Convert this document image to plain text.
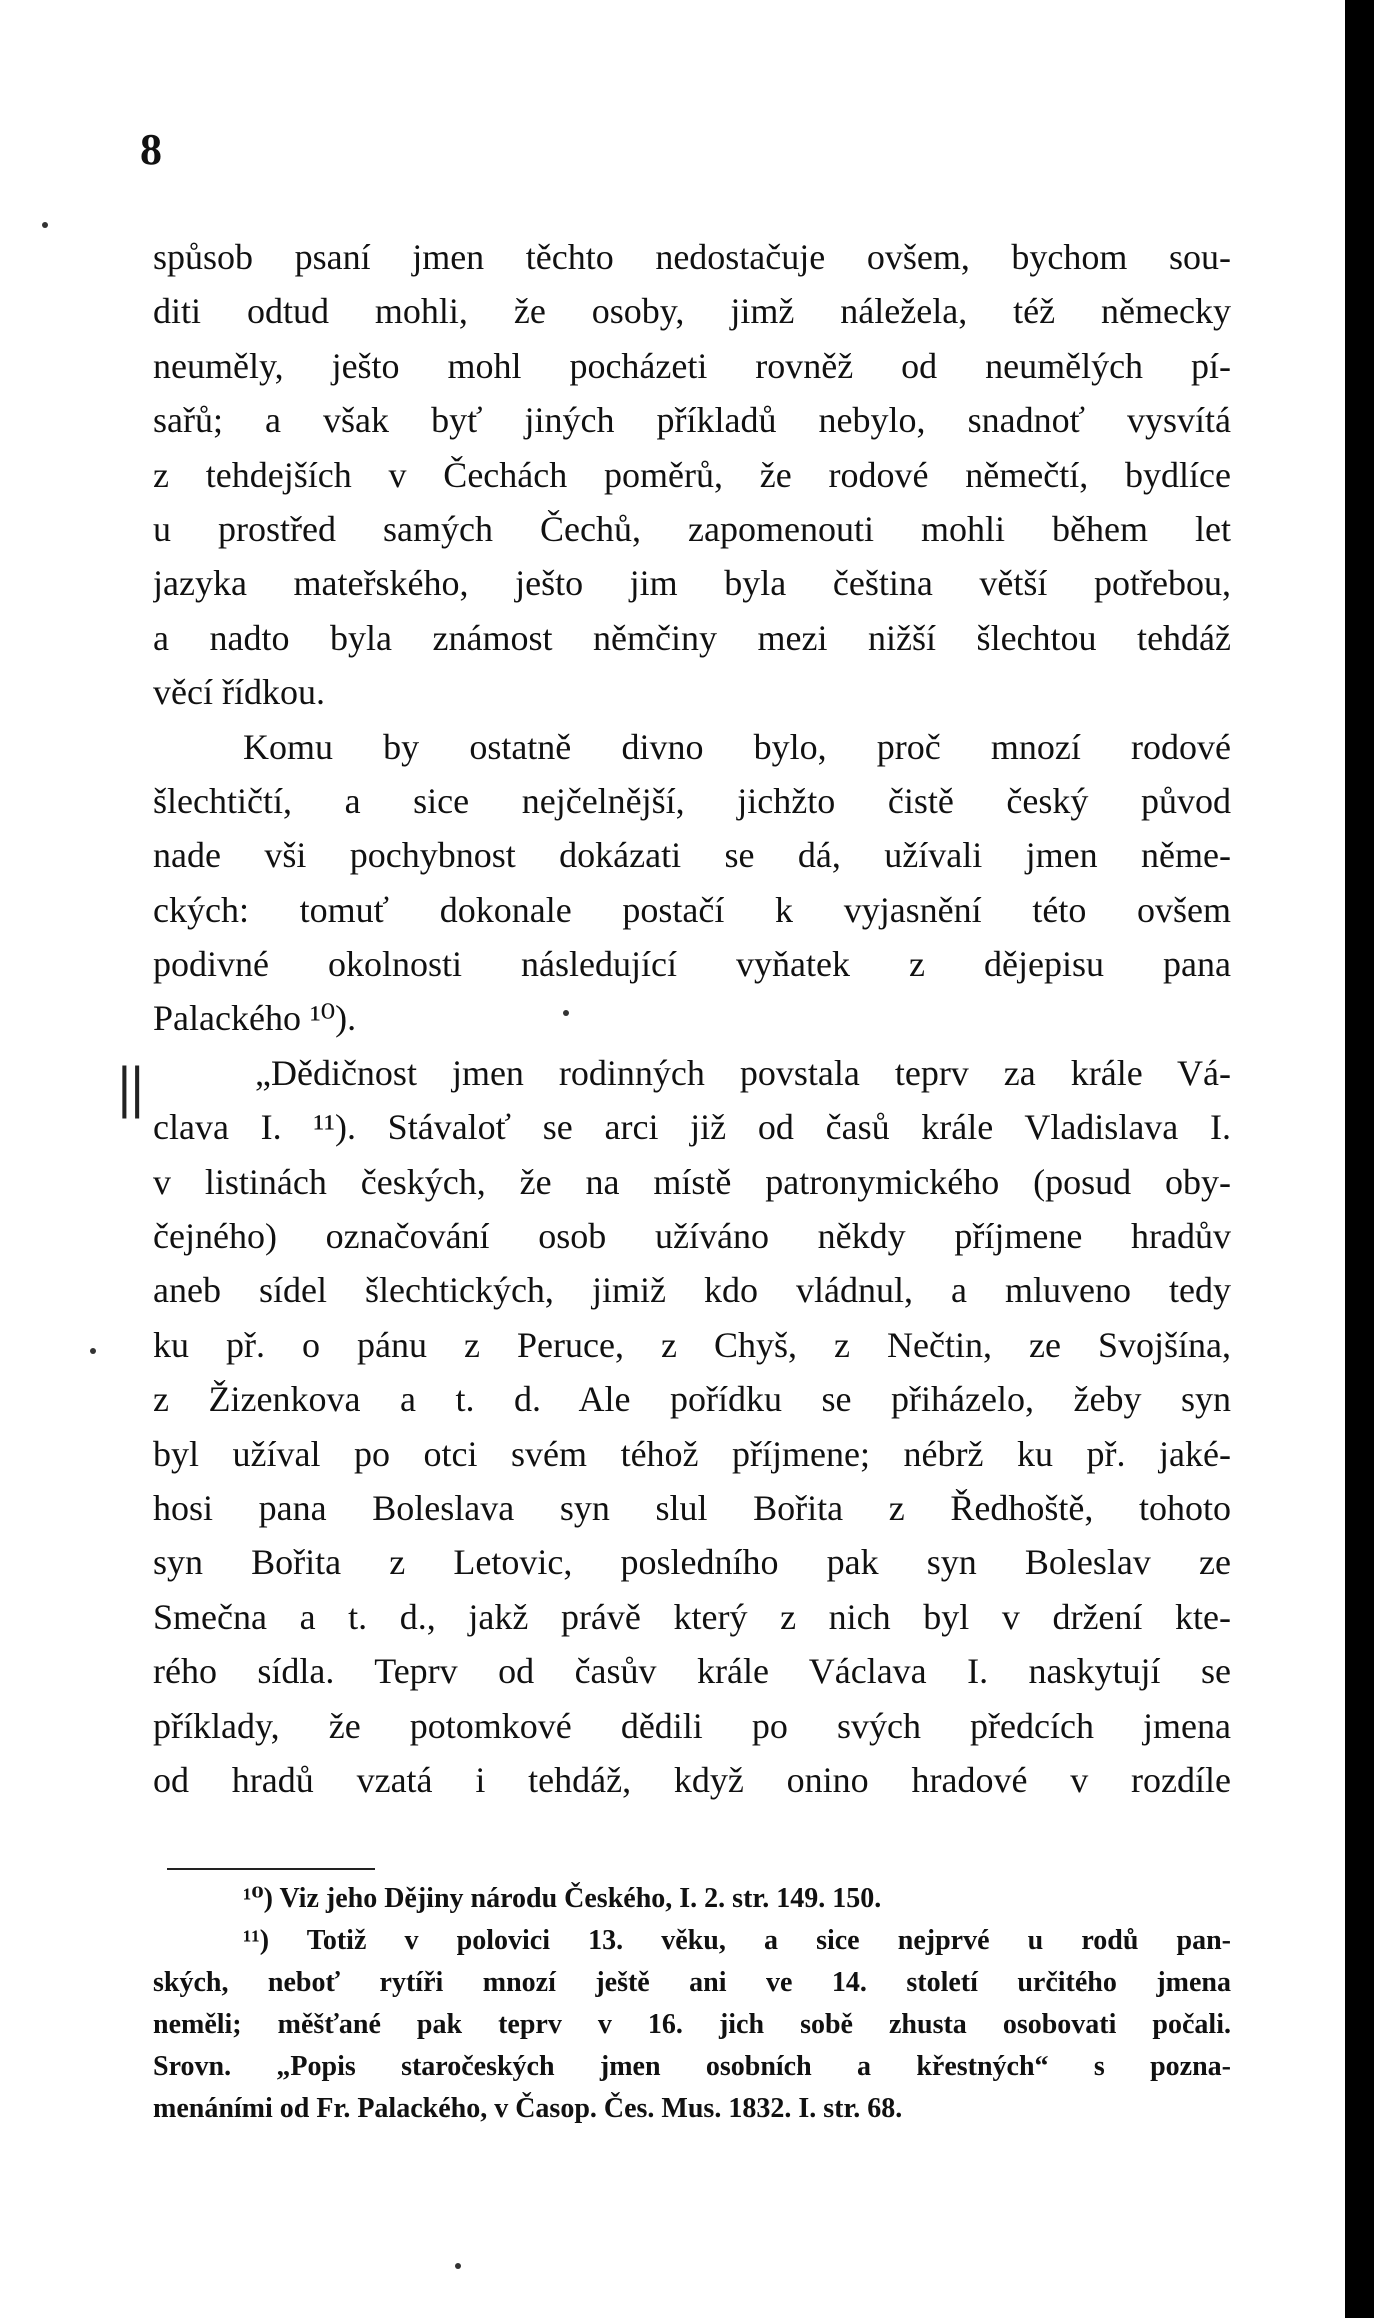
8
||
spůsob psaní jmen těchto nedostačuje ovšem, bychom sou-
diti odtud mohli, že osoby, jimž náležela, též německy
neuměly, ješto mohl pocházeti rovněž od neumělých pí-
sařů; a však byť jiných příkladů nebylo, snadnoť vysvítá
z tehdejších v Čechách poměrů, že rodové němečtí, bydlíce
u prostřed samých Čechů, zapomenouti mohli během let
jazyka mateřského, ješto jim byla čeština větší potřebou,
a nadto byla známost němčiny mezi nižší šlechtou tehdáž
věcí řídkou.
Komu by ostatně divno bylo, proč mnozí rodové
šlechtičtí, a sice nejčelnější, jichžto čistě český původ
nade vši pochybnost dokázati se dá, užívali jmen něme-
ckých: tomuť dokonale postačí k vyjasnění této ovšem
podivné okolnosti následující vyňatek z dějepisu pana
Palackého ¹⁰).
„Dědičnost jmen rodinných povstala teprv za krále Vá-
clava I. ¹¹). Stávaloť se arci již od časů krále Vladislava I.
v listinách českých, že na místě patronymického (posud oby-
čejného) označování osob užíváno někdy příjmene hradův
aneb sídel šlechtických, jimiž kdo vládnul, a mluveno tedy
ku př. o pánu z Peruce, z Chyš, z Nečtin, ze Svojšína,
z Žizenkova a t. d. Ale pořídku se přiházelo, žeby syn
byl užíval po otci svém téhož příjmene; nébrž ku př. jaké-
hosi pana Boleslava syn slul Bořita z Ředhoště, tohoto
syn Bořita z Letovic, posledního pak syn Boleslav ze
Smečna a t. d., jakž právě který z nich byl v držení kte-
rého sídla. Teprv od časův krále Václava I. naskytují se
příklady, že potomkové dědili po svých předcích jmena
od hradů vzatá i tehdáž, když onino hradové v rozdíle
¹⁰) Viz jeho Dějiny národu Českého, I. 2. str. 149. 150.
¹¹) Totiž v polovici 13. věku, a sice nejprvé u rodů pan-
ských, neboť rytíři mnozí ještě ani ve 14. století určitého jmena
neměli; měšťané pak teprv v 16. jich sobě zhusta osobovati počali.
Srovn. „Popis staročeských jmen osobních a křestných“ s pozna-
menáními od Fr. Palackého, v Časop. Čes. Mus. 1832. I. str. 68.
